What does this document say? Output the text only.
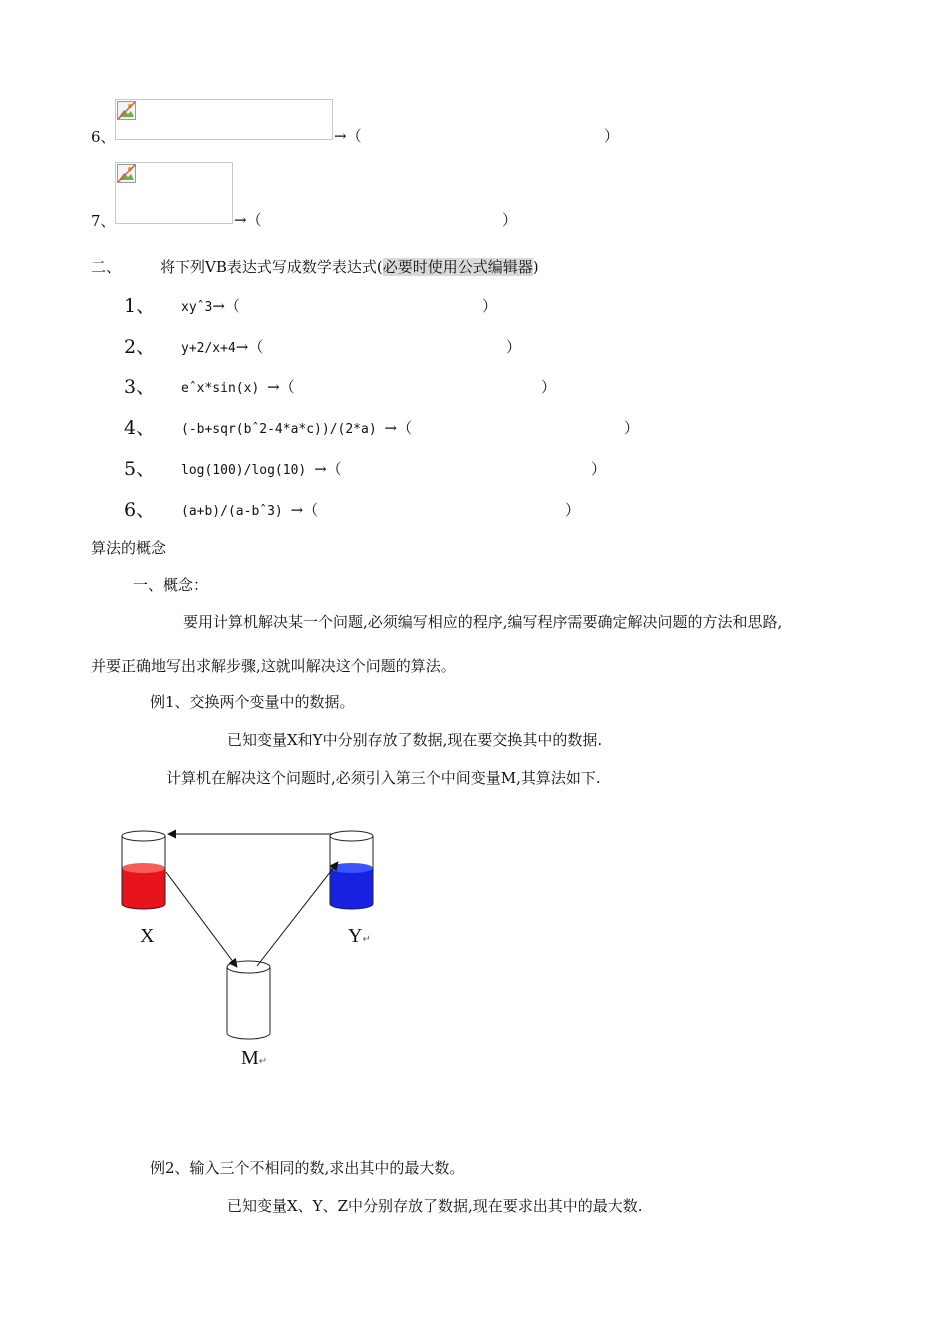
6、	→（	）
7、	→（	）
二、	将下列VB表达式写成数学表达式(必要时使用公式编辑器)
1、 xyˆ3→（	）
2、 y+2/x+4→（	）
3、 eˆx*sin(x) →（	）
4、 (-b+sqr(bˆ2-4*a*c))/(2*a) →（	）
5、 log(100)/log(10) →（	）
6、 (a+b)/(a-bˆ3) →（	）
算法的概念
一、概念：
要用计算机解决某一个问题,必须编写相应的程序,编写程序需要确定解决问题的方法和思路,
并要正确地写出求解步骤,这就叫解决这个问题的算法。
例1、交换两个变量中的数据。
已知变量X和Y中分别存放了数据,现在要交换其中的数据.
计算机在解决这个问题时,必须引入第三个中间变量M,其算法如下.
X	Y↵
M↵
例2、输入三个不相同的数,求出其中的最大数。
已知变量X、Y、Z中分别存放了数据,现在要求出其中的最大数.
